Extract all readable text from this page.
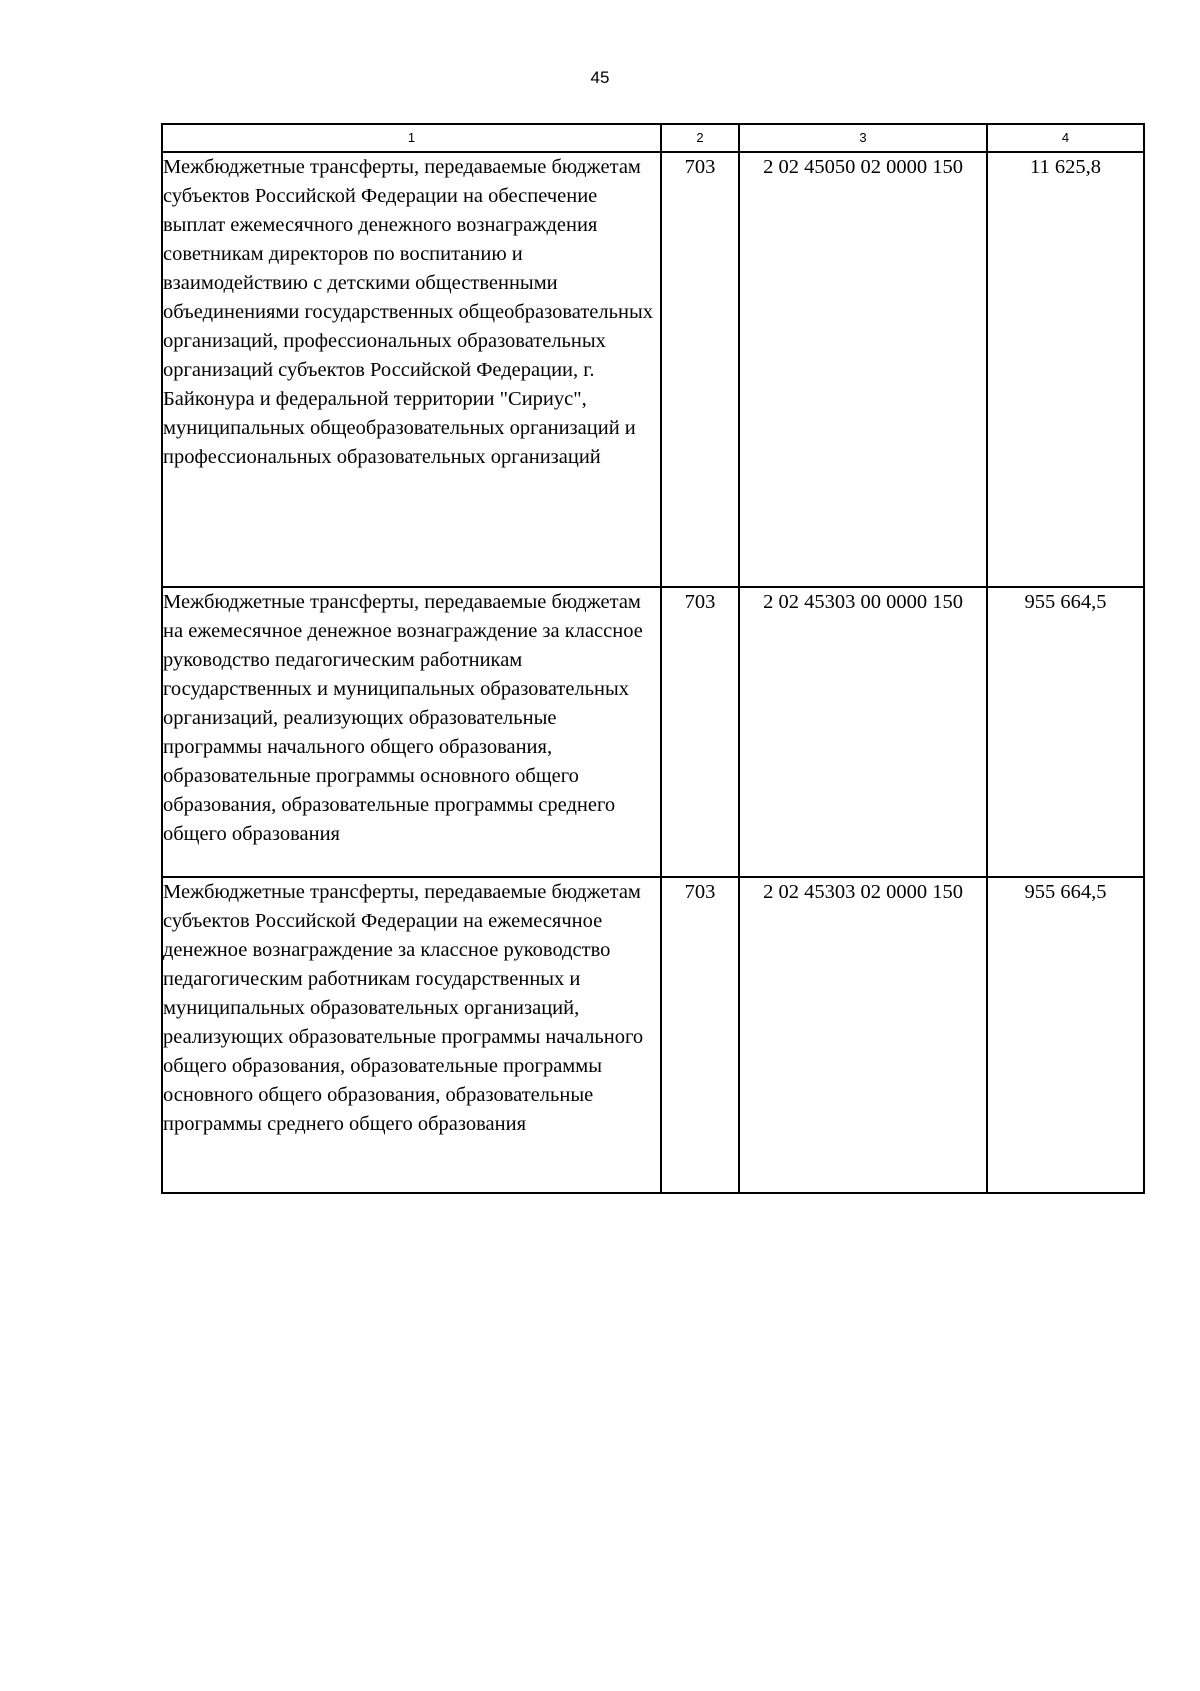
45
1	2	3	4
Межбюджетные трансферты, передаваемые бюджетам субъектов Российской Федерации на обеспечение выплат ежемесячного денежного вознаграждения советникам директоров по воспитанию и взаимодействию с детскими общественными объединениями государственных общеобразовательных организаций, профессиональных образовательных организаций субъектов Российской Федерации, г. Байконура и федеральной территории "Сириус", муниципальных общеобразовательных организаций и профессиональных образовательных организаций	703	2 02 45050 02 0000 150	11 625,8
Межбюджетные трансферты, передаваемые бюджетам на ежемесячное денежное вознаграждение за классное руководство педагогическим работникам государственных и муниципальных образовательных организаций, реализующих образовательные программы начального общего образования, образовательные программы основного общего образования, образовательные программы среднего общего образования	703	2 02 45303 00 0000 150	955 664,5
Межбюджетные трансферты, передаваемые бюджетам субъектов Российской Федерации на ежемесячное денежное вознаграждение за классное руководство педагогическим работникам государственных и муниципальных образовательных организаций, реализующих образовательные программы начального общего образования, образовательные программы основного общего образования, образовательные программы среднего общего образования	703	2 02 45303 02 0000 150	955 664,5
